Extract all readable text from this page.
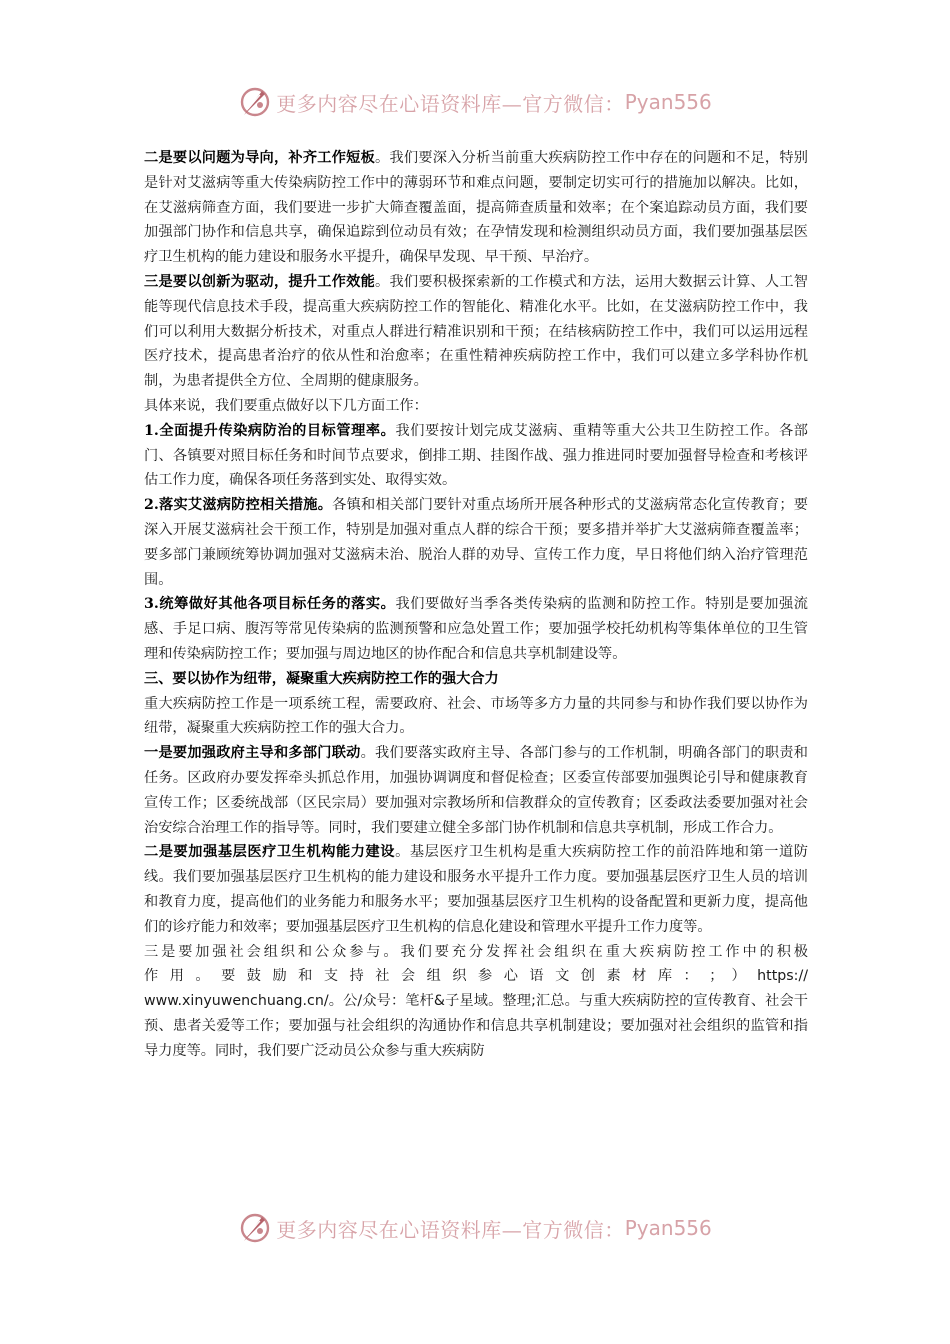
更多内容尽在心语资料库—官方微信： Pyan556

二是要以问题为导向，补齐工作短板。我们要深入分析当前重大疾病防控工作中存在的问题和不足，特别是针对艾滋病等重大传染病防控工作中的薄弱环节和难点问题，要制定切实可行的措施加以解决。比如，在艾滋病筛查方面，我们要进一步扩大筛查覆盖面，提高筛查质量和效率；在个案追踪动员方面，我们要加强部门协作和信息共享，确保追踪到位动员有效；在孕情发现和检测组织动员方面，我们要加强基层医疗卫生机构的能力建设和服务水平提升，确保早发现、早干预、早治疗。

三是要以创新为驱动，提升工作效能。我们要积极探索新的工作模式和方法，运用大数据云计算、人工智能等现代信息技术手段，提高重大疾病防控工作的智能化、精准化水平。比如，在艾滋病防控工作中，我们可以利用大数据分析技术，对重点人群进行精准识别和干预；在结核病防控工作中，我们可以运用远程医疗技术，提高患者治疗的依从性和治愈率；在重性精神疾病防控工作中，我们可以建立多学科协作机制，为患者提供全方位、全周期的健康服务。

具体来说，我们要重点做好以下几方面工作：

1.全面提升传染病防治的目标管理率。我们要按计划完成艾滋病、重精等重大公共卫生防控工作。各部门、各镇要对照目标任务和时间节点要求，倒排工期、挂图作战、强力推进同时要加强督导检查和考核评估工作力度，确保各项任务落到实处、取得实效。

2.落实艾滋病防控相关措施。各镇和相关部门要针对重点场所开展各种形式的艾滋病常态化宣传教育；要深入开展艾滋病社会干预工作，特别是加强对重点人群的综合干预；要多措并举扩大艾滋病筛查覆盖率；要多部门兼顾统筹协调加强对艾滋病未治、脱治人群的劝导、宣传工作力度，早日将他们纳入治疗管理范围。

3.统筹做好其他各项目标任务的落实。我们要做好当季各类传染病的监测和防控工作。特别是要加强流感、手足口病、腹泻等常见传染病的监测预警和应急处置工作；要加强学校托幼机构等集体单位的卫生管理和传染病防控工作；要加强与周边地区的协作配合和信息共享机制建设等。

三、要以协作为纽带，凝聚重大疾病防控工作的强大合力

重大疾病防控工作是一项系统工程，需要政府、社会、市场等多方力量的共同参与和协作我们要以协作为纽带，凝聚重大疾病防控工作的强大合力。

一是要加强政府主导和多部门联动。我们要落实政府主导、各部门参与的工作机制，明确各部门的职责和任务。区政府办要发挥牵头抓总作用，加强协调调度和督促检查；区委宣传部要加强舆论引导和健康教育宣传工作；区委统战部（区民宗局）要加强对宗教场所和信教群众的宣传教育；区委政法委要加强对社会治安综合治理工作的指导等。同时，我们要建立健全多部门协作机制和信息共享机制，形成工作合力。

二是要加强基层医疗卫生机构能力建设。基层医疗卫生机构是重大疾病防控工作的前沿阵地和第一道防线。我们要加强基层医疗卫生机构的能力建设和服务水平提升工作力度。要加强基层医疗卫生人员的培训和教育力度，提高他们的业务能力和服务水平；要加强基层医疗卫生机构的设备配置和更新力度，提高他们的诊疗能力和效率；要加强基层医疗卫生机构的信息化建设和管理水平提升工作力度等。

三是要加强社会组织和公众参与。我们要充分发挥社会组织在重大疾病防控工作中的积极

作 用 。 要 鼓 励 和 支 持 社 会 组 织 参 心 语 文 创 素 材 库 ： ； ） https://

www.xinyuwenchuang.cn/。公/众号：笔杆&子星域。整理;汇总。与重大疾病防控的宣传教育、社会干预、患者关爱等工作；要加强与社会组织的沟通协作和信息共享机制建设；要加强对社会组织的监管和指导力度等。同时，我们要广泛动员公众参与重大疾病防

更多内容尽在心语资料库—官方微信： Pyan556
